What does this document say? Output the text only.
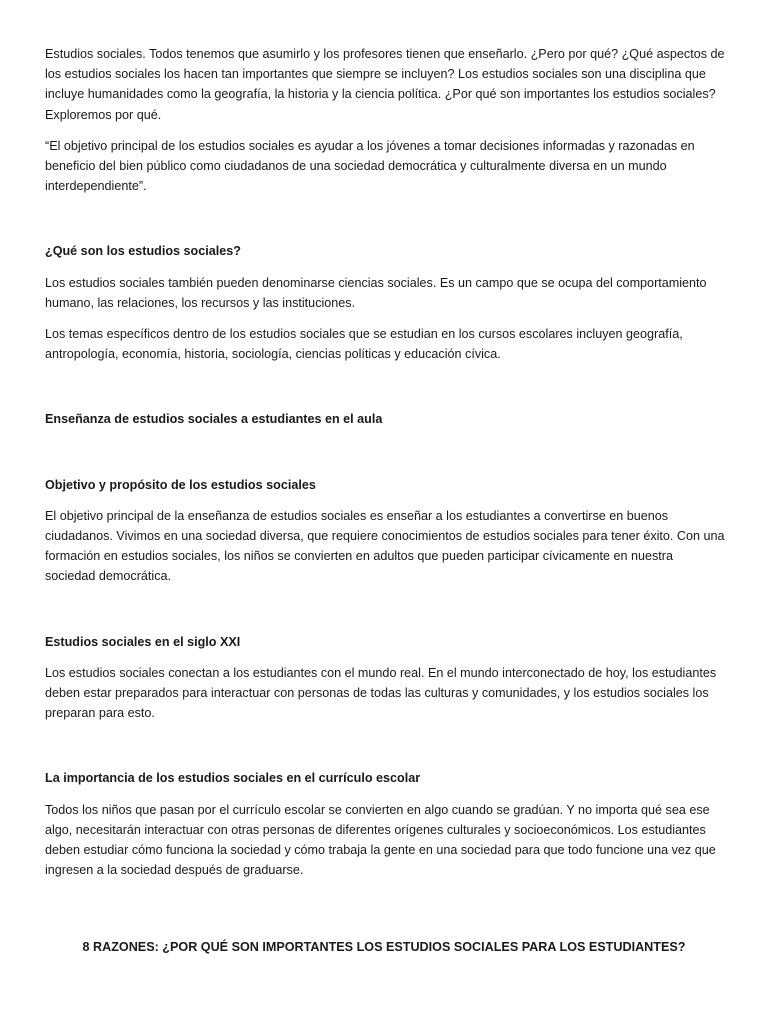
Estudios sociales. Todos tenemos que asumirlo y los profesores tienen que enseñarlo. ¿Pero por qué? ¿Qué aspectos de los estudios sociales los hacen tan importantes que siempre se incluyen? Los estudios sociales son una disciplina que incluye humanidades como la geografía, la historia y la ciencia política. ¿Por qué son importantes los estudios sociales? Exploremos por qué.

“El objetivo principal de los estudios sociales es ayudar a los jóvenes a tomar decisiones informadas y razonadas en beneficio del bien público como ciudadanos de una sociedad democrática y culturalmente diversa en un mundo interdependiente”.

¿Qué son los estudios sociales?

Los estudios sociales también pueden denominarse ciencias sociales. Es un campo que se ocupa del comportamiento humano, las relaciones, los recursos y las instituciones.

Los temas específicos dentro de los estudios sociales que se estudian en los cursos escolares incluyen geografía, antropología, economía, historia, sociología, ciencias políticas y educación cívica.

Enseñanza de estudios sociales a estudiantes en el aula

Objetivo y propósito de los estudios sociales

El objetivo principal de la enseñanza de estudios sociales es enseñar a los estudiantes a convertirse en buenos ciudadanos. Vivimos en una sociedad diversa, que requiere conocimientos de estudios sociales para tener éxito. Con una formación en estudios sociales, los niños se convierten en adultos que pueden participar cívicamente en nuestra sociedad democrática.

Estudios sociales en el siglo XXI

Los estudios sociales conectan a los estudiantes con el mundo real. En el mundo interconectado de hoy, los estudiantes deben estar preparados para interactuar con personas de todas las culturas y comunidades, y los estudios sociales los preparan para esto.

La importancia de los estudios sociales en el currículo escolar

Todos los niños que pasan por el currículo escolar se convierten en algo cuando se gradúan. Y no importa qué sea ese algo, necesitarán interactuar con otras personas de diferentes orígenes culturales y socioeconómicos. Los estudiantes deben estudiar cómo funciona la sociedad y cómo trabaja la gente en una sociedad para que todo funcione una vez que ingresen a la sociedad después de graduarse.

8 RAZONES: ¿POR QUÉ SON IMPORTANTES LOS ESTUDIOS SOCIALES PARA LOS ESTUDIANTES?
